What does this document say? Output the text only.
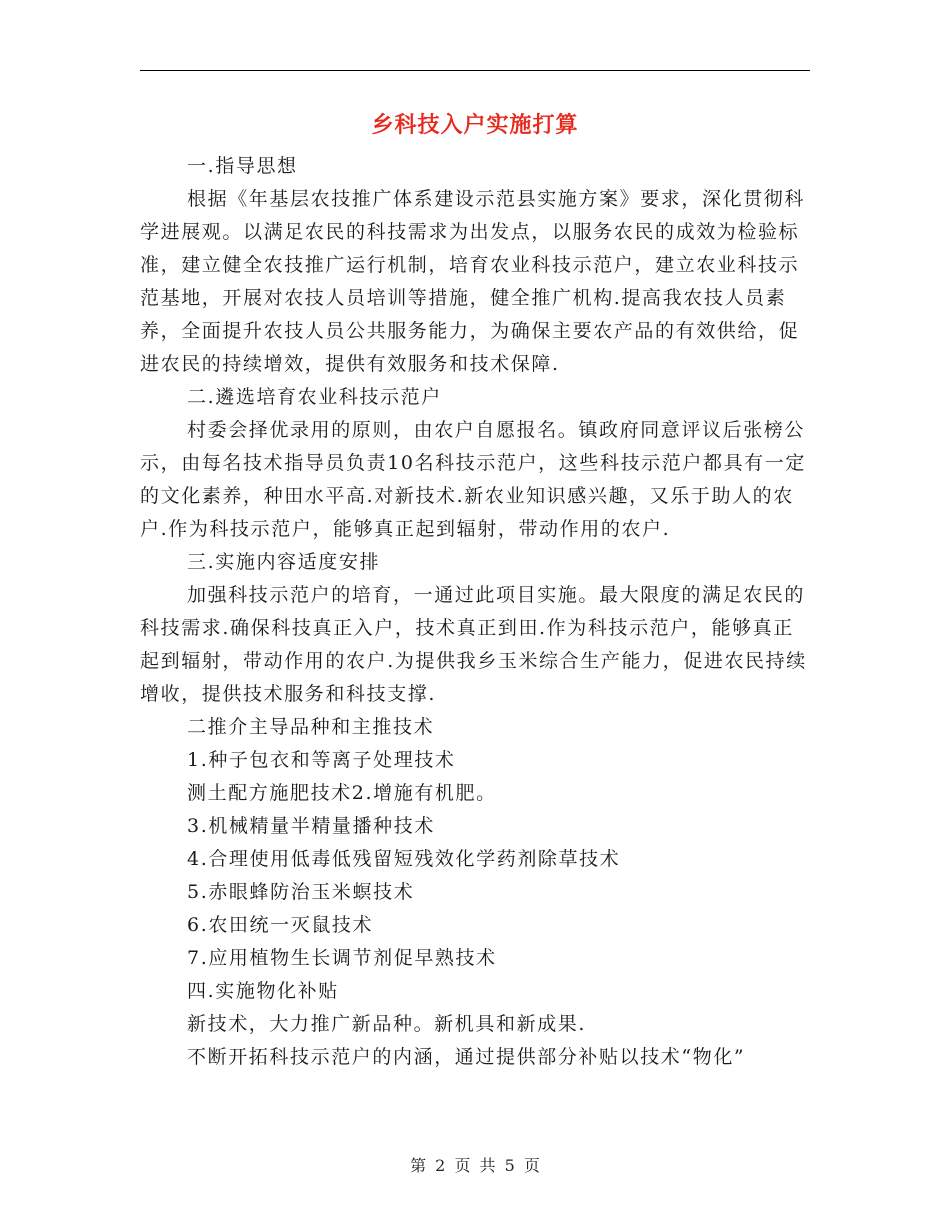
乡科技入户实施打算

一.指导思想

根据《年基层农技推广体系建设示范县实施方案》要求，深化贯彻科学进展观。以满足农民的科技需求为出发点，以服务农民的成效为检验标准，建立健全农技推广运行机制，培育农业科技示范户，建立农业科技示范基地，开展对农技人员培训等措施，健全推广机构.提高我农技人员素养，全面提升农技人员公共服务能力，为确保主要农产品的有效供给，促进农民的持续增效，提供有效服务和技术保障.

二.遴选培育农业科技示范户

村委会择优录用的原则，由农户自愿报名。镇政府同意评议后张榜公示，由每名技术指导员负责10名科技示范户，这些科技示范户都具有一定的文化素养，种田水平高.对新技术.新农业知识感兴趣，又乐于助人的农户.作为科技示范户，能够真正起到辐射，带动作用的农户.

三.实施内容适度安排

加强科技示范户的培育，一通过此项目实施。最大限度的满足农民的科技需求.确保科技真正入户，技术真正到田.作为科技示范户，能够真正起到辐射，带动作用的农户.为提供我乡玉米综合生产能力，促进农民持续增收，提供技术服务和科技支撑.

二推介主导品种和主推技术

1.种子包衣和等离子处理技术

测土配方施肥技术2.增施有机肥。

3.机械精量半精量播种技术

4.合理使用低毒低残留短残效化学药剂除草技术

5.赤眼蜂防治玉米螟技术

6.农田统一灭鼠技术

7.应用植物生长调节剂促早熟技术

四.实施物化补贴

新技术，大力推广新品种。新机具和新成果.

不断开拓科技示范户的内涵，通过提供部分补贴以技术“物化”

第 2 页 共 5 页
